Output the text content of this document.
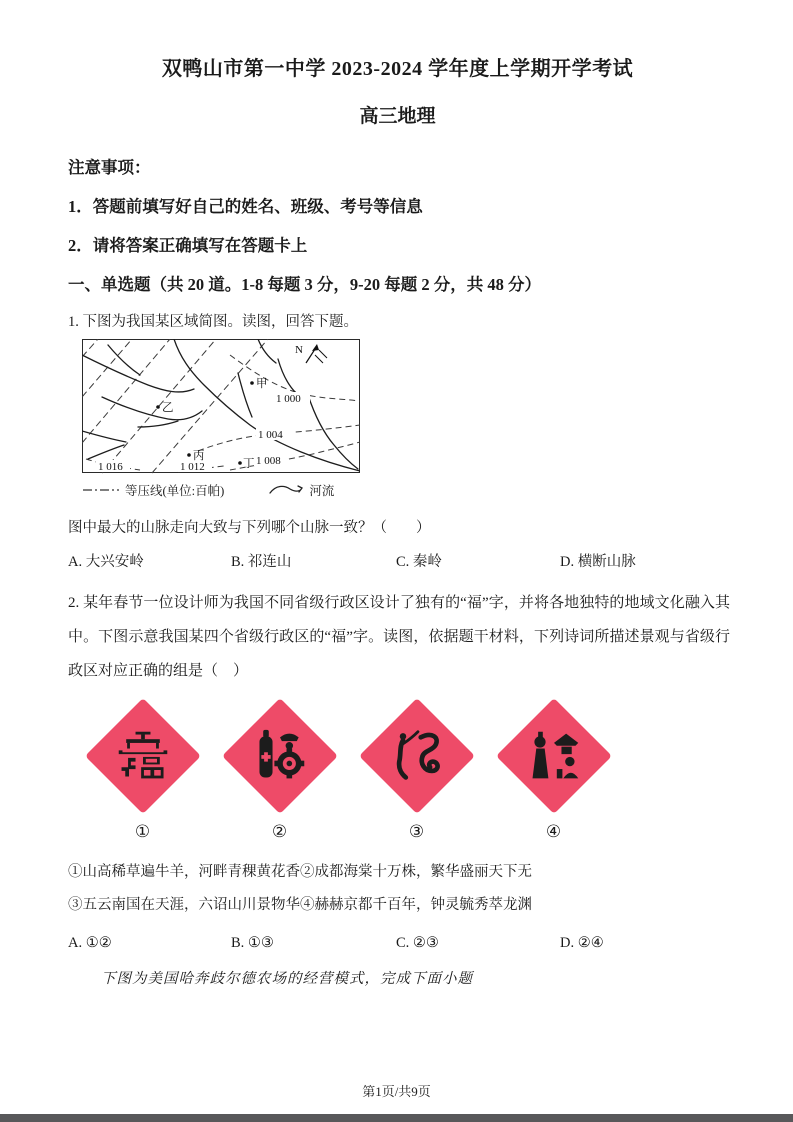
双鸭山市第一中学 2023-2024 学年度上学期开学考试
高三地理
注意事项：
1．答题前填写好自己的姓名、班级、考号等信息
2．请将答案正确填写在答题卡上
一、单选题（共 20 道。1-8 每题 3 分，9-20 每题 2 分，共 48 分）
1. 下图为我国某区域简图。读图，回答下题。
1 000
1 004
1 008
1 012
1 016
甲
乙
丙
丁
N
等压线(单位:百帕)	河流
图中最大的山脉走向大致与下列哪个山脉一致？（　　）
A. 大兴安岭	B. 祁连山	C. 秦岭	D. 横断山脉
2. 某年春节一位设计师为我国不同省级行政区设计了独有的“福”字，并将各地独特的地域文化融入其中。下图示意我国某四个省级行政区的“福”字。读图，依据题干材料，下列诗词所描述景观与省级行政区对应正确的组是（　）
①	②	③	④
①山高稀草遍牛羊，河畔青稞黄花香②成都海棠十万株，繁华盛丽天下无
③五云南国在天涯，六诏山川景物华④赫赫京都千百年，钟灵毓秀萃龙渊
A. ①②	B. ①③	C. ②③	D. ②④
下图为美国哈奔歧尔德农场的经营模式，完成下面小题
第1页/共9页
